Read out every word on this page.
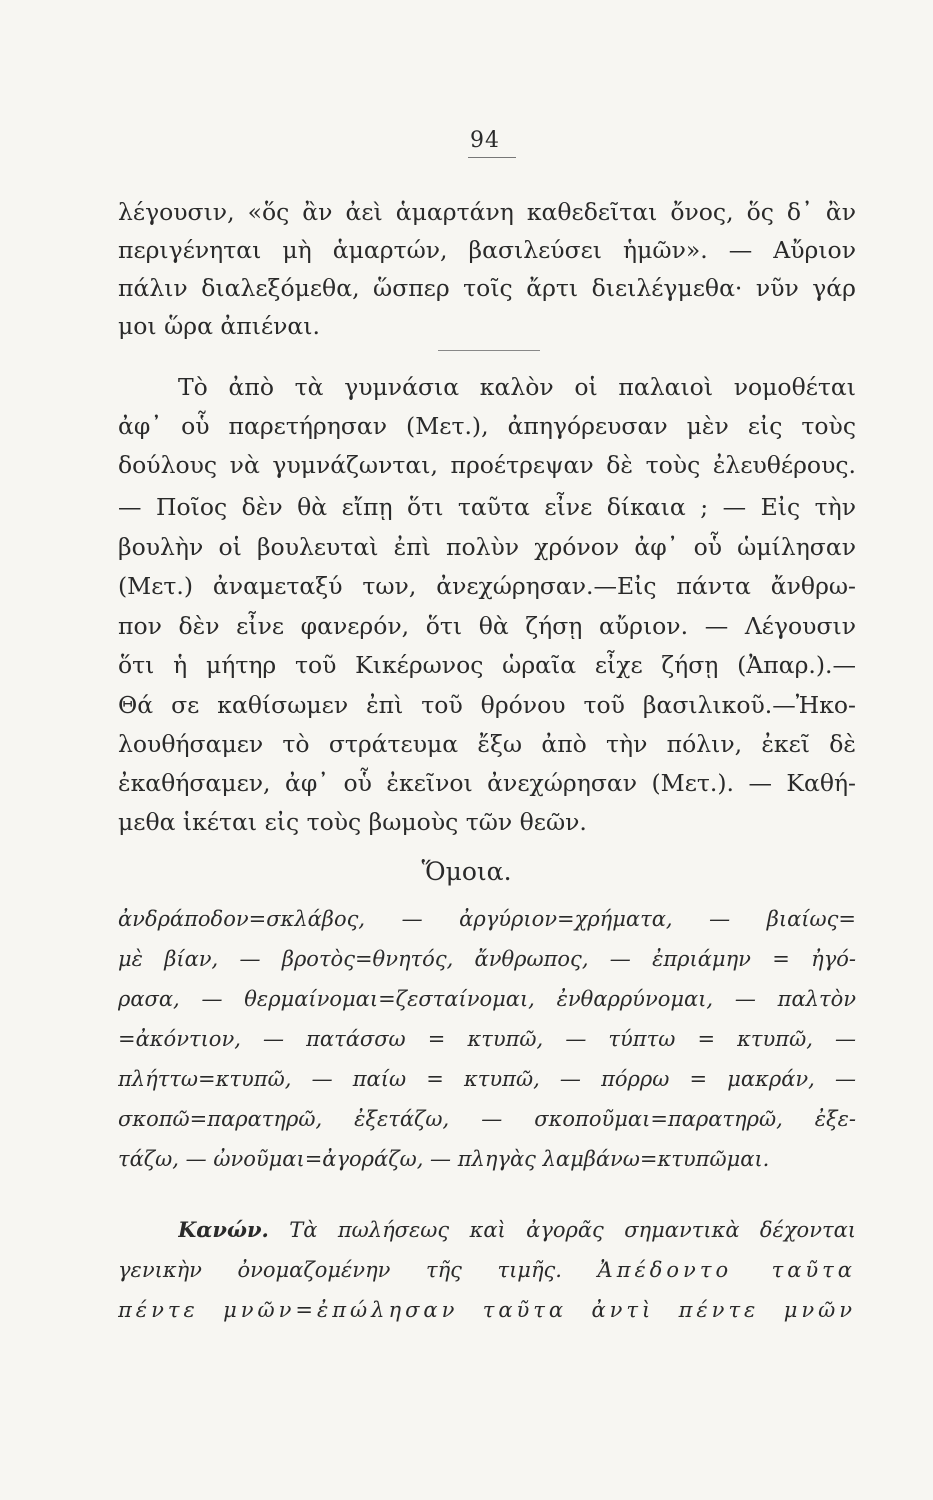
94
λέγουσιν, «ὅς ἂν ἀεὶ ἁμαρτάνη καθεδεῖται ὄνος, ὅς δ᾽ ἂν
περιγένηται μὴ ἁμαρτών, βασιλεύσει ἡμῶν». — Αὔριον
πάλιν διαλεξόμεθα, ὥσπερ τοῖς ἄρτι διειλέγμεθα· νῦν γάρ
μοι ὥρα ἀπιέναι.
Τὸ ἀπὸ τὰ γυμνάσια καλὸν οἱ παλαιοὶ νομοθέται
ἀφ᾽ οὗ παρετήρησαν (Μετ.), ἀπηγόρευσαν μὲν εἰς τοὺς
δούλους νὰ γυμνάζωνται, προέτρεψαν δὲ τοὺς ἐλευθέρους.
— Ποῖος δὲν θὰ εἴπῃ ὅτι ταῦτα εἶνε δίκαια ; — Εἰς τὴν
βουλὴν οἱ βουλευταὶ ἐπὶ πολὺν χρόνον ἀφ᾽ οὗ ὡμίλησαν
(Μετ.) ἀναμεταξύ των, ἀνεχώρησαν.—Εἰς πάντα ἄνθρω-
πον δὲν εἶνε φανερόν, ὅτι θὰ ζήσῃ αὔριον. — Λέγουσιν
ὅτι ἡ μήτηρ τοῦ Κικέρωνος ὡραῖα εἶχε ζήσῃ (Ἀπαρ.).—
Θά σε καθίσωμεν ἐπὶ τοῦ θρόνου τοῦ βασιλικοῦ.—Ἠκο-
λουθήσαμεν τὸ στράτευμα ἔξω ἀπὸ τὴν πόλιν, ἐκεῖ δὲ
ἐκαθήσαμεν, ἀφ᾽ οὗ ἐκεῖνοι ἀνεχώρησαν (Μετ.). — Καθή-
μεθα ἱκέται εἰς τοὺς βωμοὺς τῶν θεῶν.
Ὅμοια.
ἀνδράποδον=σκλάβος, — ἀργύριον=χρήματα, — βιαίως=
μὲ βίαν, — βροτὸς=θνητός, ἄνθρωπος, — ἐπριάμην = ἠγό-
ρασα, — θερμαίνομαι=ζεσταίνομαι, ἐνθαρρύνομαι, — παλτὸν
=ἀκόντιον, — πατάσσω = κτυπῶ, — τύπτω = κτυπῶ, —
πλήττω=κτυπῶ, — παίω = κτυπῶ, — πόρρω = μακράν, —
σκοπῶ=παρατηρῶ, ἐξετάζω, — σκοποῦμαι=παρατηρῶ, ἐξε-
τάζω, — ὠνοῦμαι=ἀγοράζω, — πληγὰς λαμβάνω=κτυπῶμαι.
Κανών. Τὰ πωλήσεως καὶ ἀγορᾶς σημαντικὰ δέχονται
γενικὴν ὀνομαζομένην τῆς τιμῆς. Ἀπέδοντο ταῦτα
πέντε μνῶν=ἐπώλησαν ταῦτα ἀντὶ πέντε μνῶν
